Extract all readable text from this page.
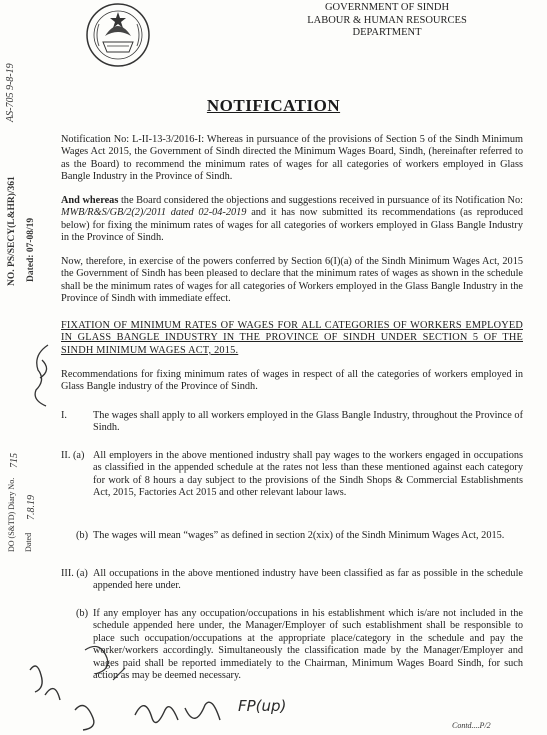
GOVERNMENT OF SINDH
LABOUR & HUMAN RESOURCES
DEPARTMENT
NOTIFICATION
Notification No: L-II-13-3/2016-I: Whereas in pursuance of the provisions of Section 5 of the Sindh Minimum Wages Act 2015, the Government of Sindh directed the Minimum Wages Board, Sindh, (hereinafter referred to as the Board) to recommend the minimum rates of wages for all categories of workers employed in Glass Bangle Industry in the Province of Sindh.
And whereas the Board considered the objections and suggestions received in pursuance of its Notification No: MWB/R&S/GB/2(2)/2011 dated 02-04-2019 and it has now submitted its recommendations (as reproduced below) for fixing the minimum rates of wages for all categories of workers employed in Glass Bangle Industry in the Province of Sindh.
Now, therefore, in exercise of the powers conferred by Section 6(I)(a) of the Sindh Minimum Wages Act, 2015 the Government of Sindh has been pleased to declare that the minimum rates of wages as shown in the schedule shall be the minimum rates of wages for all categories of Workers employed in the Glass Bangle Industry in the Province of Sindh with immediate effect.
FIXATION OF MINIMUM RATES OF WAGES FOR ALL CATEGORIES OF WORKERS EMPLOYED IN GLASS BANGLE INDUSTRY IN THE PROVINCE OF SINDH UNDER SECTION 5 OF THE SINDH MINIMUM WAGES ACT, 2015.
Recommendations for fixing minimum rates of wages in respect of all the categories of workers employed in Glass Bangle industry of the Province of Sindh.
I.	The wages shall apply to all workers employed in the Glass Bangle Industry, throughout the Province of Sindh.
II. (a) All employers in the above mentioned industry shall pay wages to the workers engaged in occupations as classified in the appended schedule at the rates not less than these mentioned against each category for work of 8 hours a day subject to the provisions of the Sindh Shops & Commercial Establishments Act, 2015, Factories Act 2015 and other relevant labour laws.
(b) The wages will mean “wages” as defined in section 2(xix) of the Sindh Minimum Wages Act, 2015.
III. (a) All occupations in the above mentioned industry have been classified as far as possible in the schedule appended here under.
(b) If any employer has any occupation/occupations in his establishment which is/are not included in the schedule appended here under, the Manager/Employer of such establishment shall be responsible to place such occupation/occupations at the appropriate place/category in the schedule and pay the worker/workers accordingly. Simultaneously the classification made by the Manager/Employer and wages paid shall be reported immediately to the Chairman, Minimum Wages Board Sindh, for such action as may be deemed necessary.
Contd....P/2
NO. PS/SECY(L&HR)/361 Dated: 07-08/19
AS-705 9-8-19
DO (S&TD) Diary No.
715
Dated
7.8.19
FP(up)
